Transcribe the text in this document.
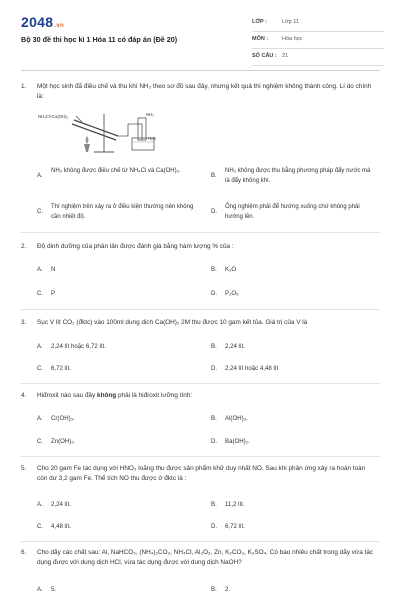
2048.vn
Bộ 30 đề thi học kì 1 Hóa 11 có đáp án (Đề 20)
LỚP :	Lớp 11
MÔN :	Hóa học
SỐ CÂU : 21
1. Một học sinh đã điều chế và thu khí NH₃ theo sơ đồ sau đây, nhưng kết quả thí nghiệm không thành công. Lí do chính là:
NH₄Cl+Ca(OH)₂	NH₃
H₂O
A.
NH₃ không được điều chế từ NH₄Cl và Ca(OH)₂.
B.
NH₃ không được thu bằng phương pháp đẩy nước mà là đẩy không khí.
C.
Thí nghiệm trên xảy ra ở điều kiện thường nên không cần nhiệt độ.
D.
Ống nghiệm phải để hướng xuống chứ không phải hướng lên.
2. Độ dinh dưỡng của phân lân được đánh giá bằng hàm lượng % của :
A. N	B. K₂O
C. P	D. P₂O₅
3. Sục V lít CO₂ (đktc) vào 100ml dung dịch Ca(OH)₂ 2M thu được 10 gam kết tủa. Giá trị của V là
A. 2,24 lít hoặc 6,72 lít.	B. 2,24 lít.
C. 6,72 lít.	D. 2,24 lít hoặc 4,48 lít
4. Hiđroxit nào sau đây không phải là hiđroxit lưỡng tính:
A. Cr(OH)₃.	B. Al(OH)₃.
C. Zn(OH)₂.	D. Ba(OH)₂.
5. Cho 20 gam Fe tác dụng với HNO₃ loãng thu được sản phẩm khử duy nhất NO. Sau khi phản ứng xảy ra hoàn toàn còn dư 3,2 gam Fe. Thể tích NO thu được ở đktc là :
A. 2,24 lít.	B. 11,2 lít.
C. 4,48 lít.	D. 6,72 lít.
6. Cho dãy các chất sau: Al, NaHCO₃, (NH₄)₂CO₃, NH₄Cl, Al₂O₃, Zn, K₂CO₃, K₂SO₄. Có bao nhiêu chất trong dãy vừa tác dụng được với dung dịch HCl, vừa tác dụng được với dung dịch NaOH?
A. 5.	B. 2.
